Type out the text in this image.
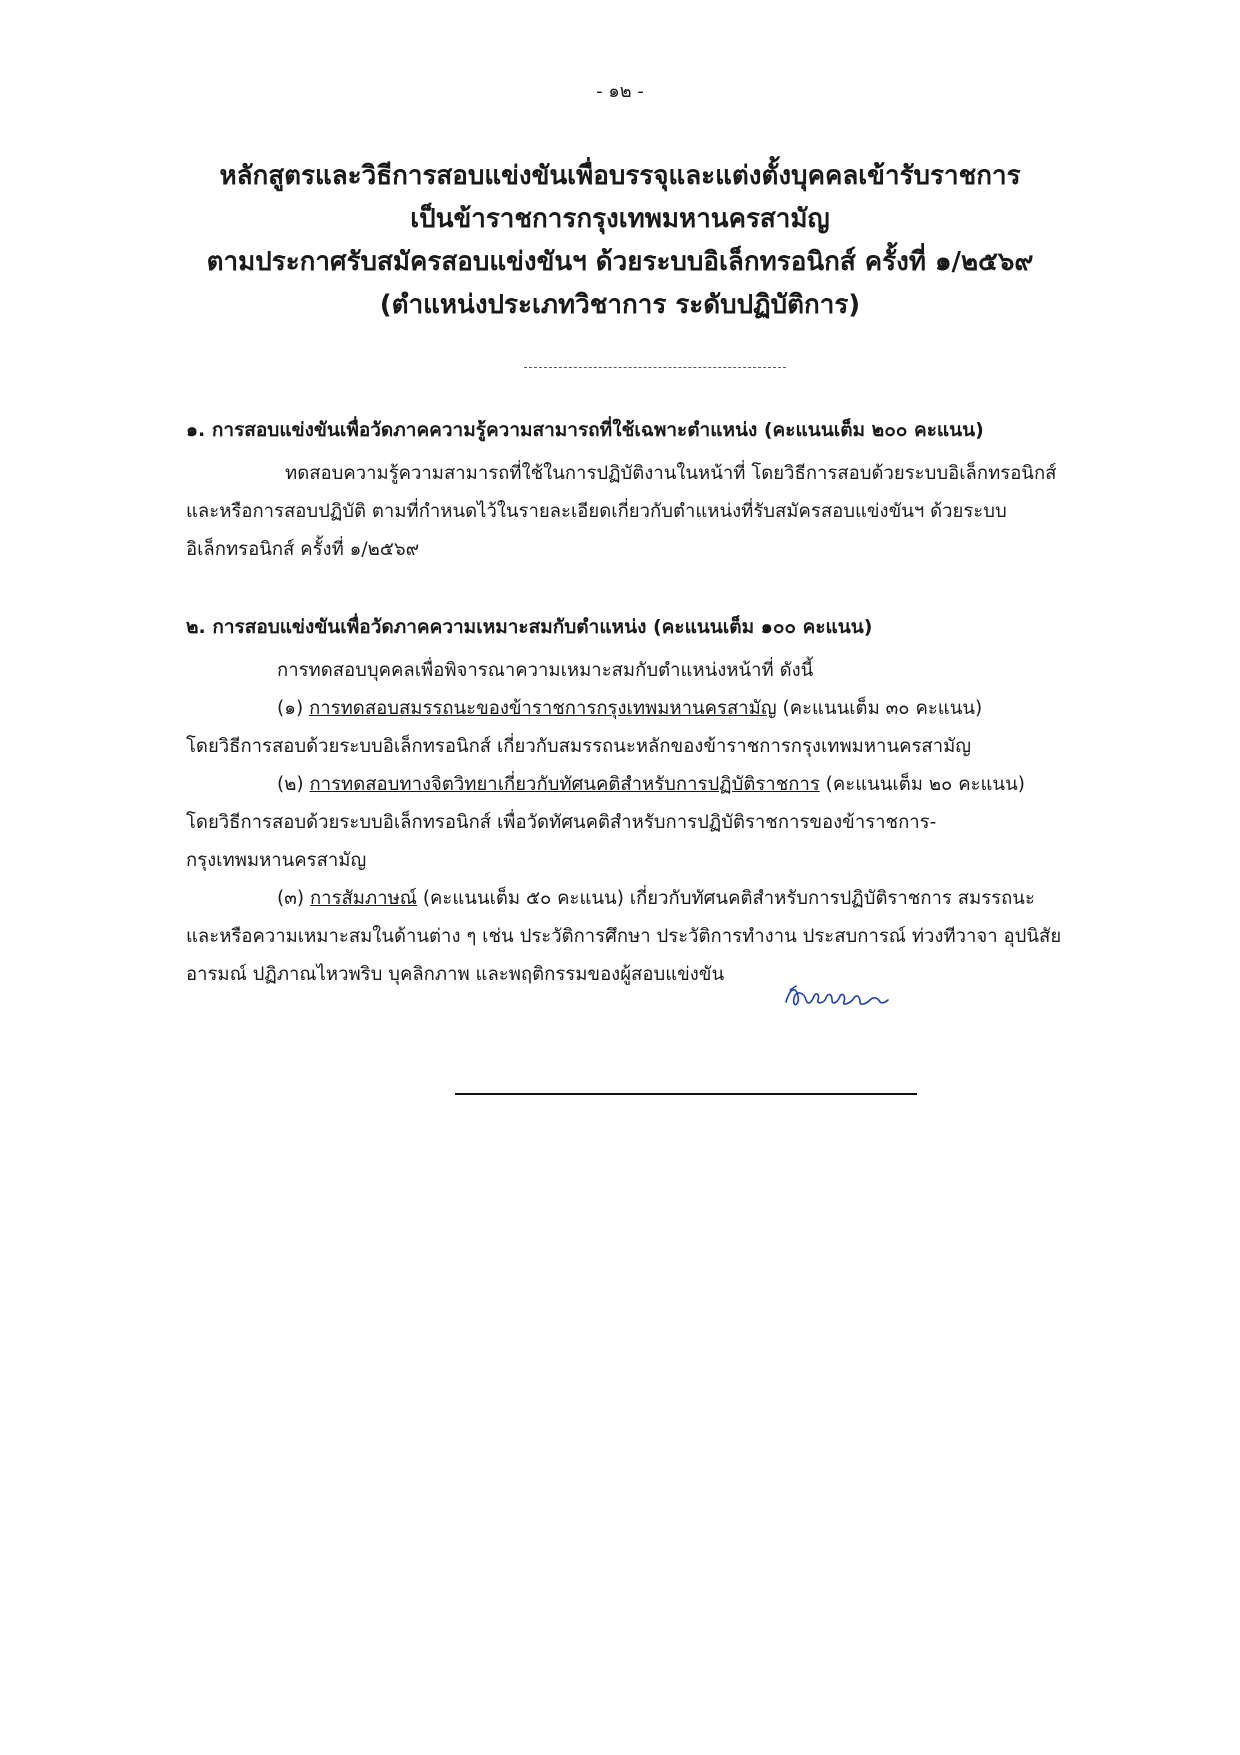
- ๑๒ -
หลักสูตรและวิธีการสอบแข่งขันเพื่อบรรจุและแต่งตั้งบุคคลเข้ารับราชการ
เป็นข้าราชการกรุงเทพมหานครสามัญ
ตามประกาศรับสมัครสอบแข่งขันฯ ด้วยระบบอิเล็กทรอนิกส์ ครั้งที่ ๑/๒๕๖๙
(ตำแหน่งประเภทวิชาการ ระดับปฏิบัติการ)
๑. การสอบแข่งขันเพื่อวัดภาคความรู้ความสามารถที่ใช้เฉพาะตำแหน่ง (คะแนนเต็ม ๒๐๐ คะแนน)
ทดสอบความรู้ความสามารถที่ใช้ในการปฏิบัติงานในหน้าที่ โดยวิธีการสอบด้วยระบบอิเล็กทรอนิกส์
และหรือการสอบปฏิบัติ ตามที่กำหนดไว้ในรายละเอียดเกี่ยวกับตำแหน่งที่รับสมัครสอบแข่งขันฯ ด้วยระบบ
อิเล็กทรอนิกส์ ครั้งที่ ๑/๒๕๖๙
๒. การสอบแข่งขันเพื่อวัดภาคความเหมาะสมกับตำแหน่ง (คะแนนเต็ม ๑๐๐ คะแนน)
การทดสอบบุคคลเพื่อพิจารณาความเหมาะสมกับตำแหน่งหน้าที่ ดังนี้
(๑) การทดสอบสมรรถนะของข้าราชการกรุงเทพมหานครสามัญ (คะแนนเต็ม ๓๐ คะแนน)
โดยวิธีการสอบด้วยระบบอิเล็กทรอนิกส์ เกี่ยวกับสมรรถนะหลักของข้าราชการกรุงเทพมหานครสามัญ
(๒) การทดสอบทางจิตวิทยาเกี่ยวกับทัศนคติสำหรับการปฏิบัติราชการ (คะแนนเต็ม ๒๐ คะแนน)
โดยวิธีการสอบด้วยระบบอิเล็กทรอนิกส์ เพื่อวัดทัศนคติสำหรับการปฏิบัติราชการของข้าราชการ-
กรุงเทพมหานครสามัญ
(๓) การสัมภาษณ์ (คะแนนเต็ม ๕๐ คะแนน) เกี่ยวกับทัศนคติสำหรับการปฏิบัติราชการ สมรรถนะ
และหรือความเหมาะสมในด้านต่าง ๆ เช่น ประวัติการศึกษา ประวัติการทำงาน ประสบการณ์ ท่วงทีวาจา อุปนิสัย
อารมณ์ ปฏิภาณไหวพริบ บุคลิกภาพ และพฤติกรรมของผู้สอบแข่งขัน
